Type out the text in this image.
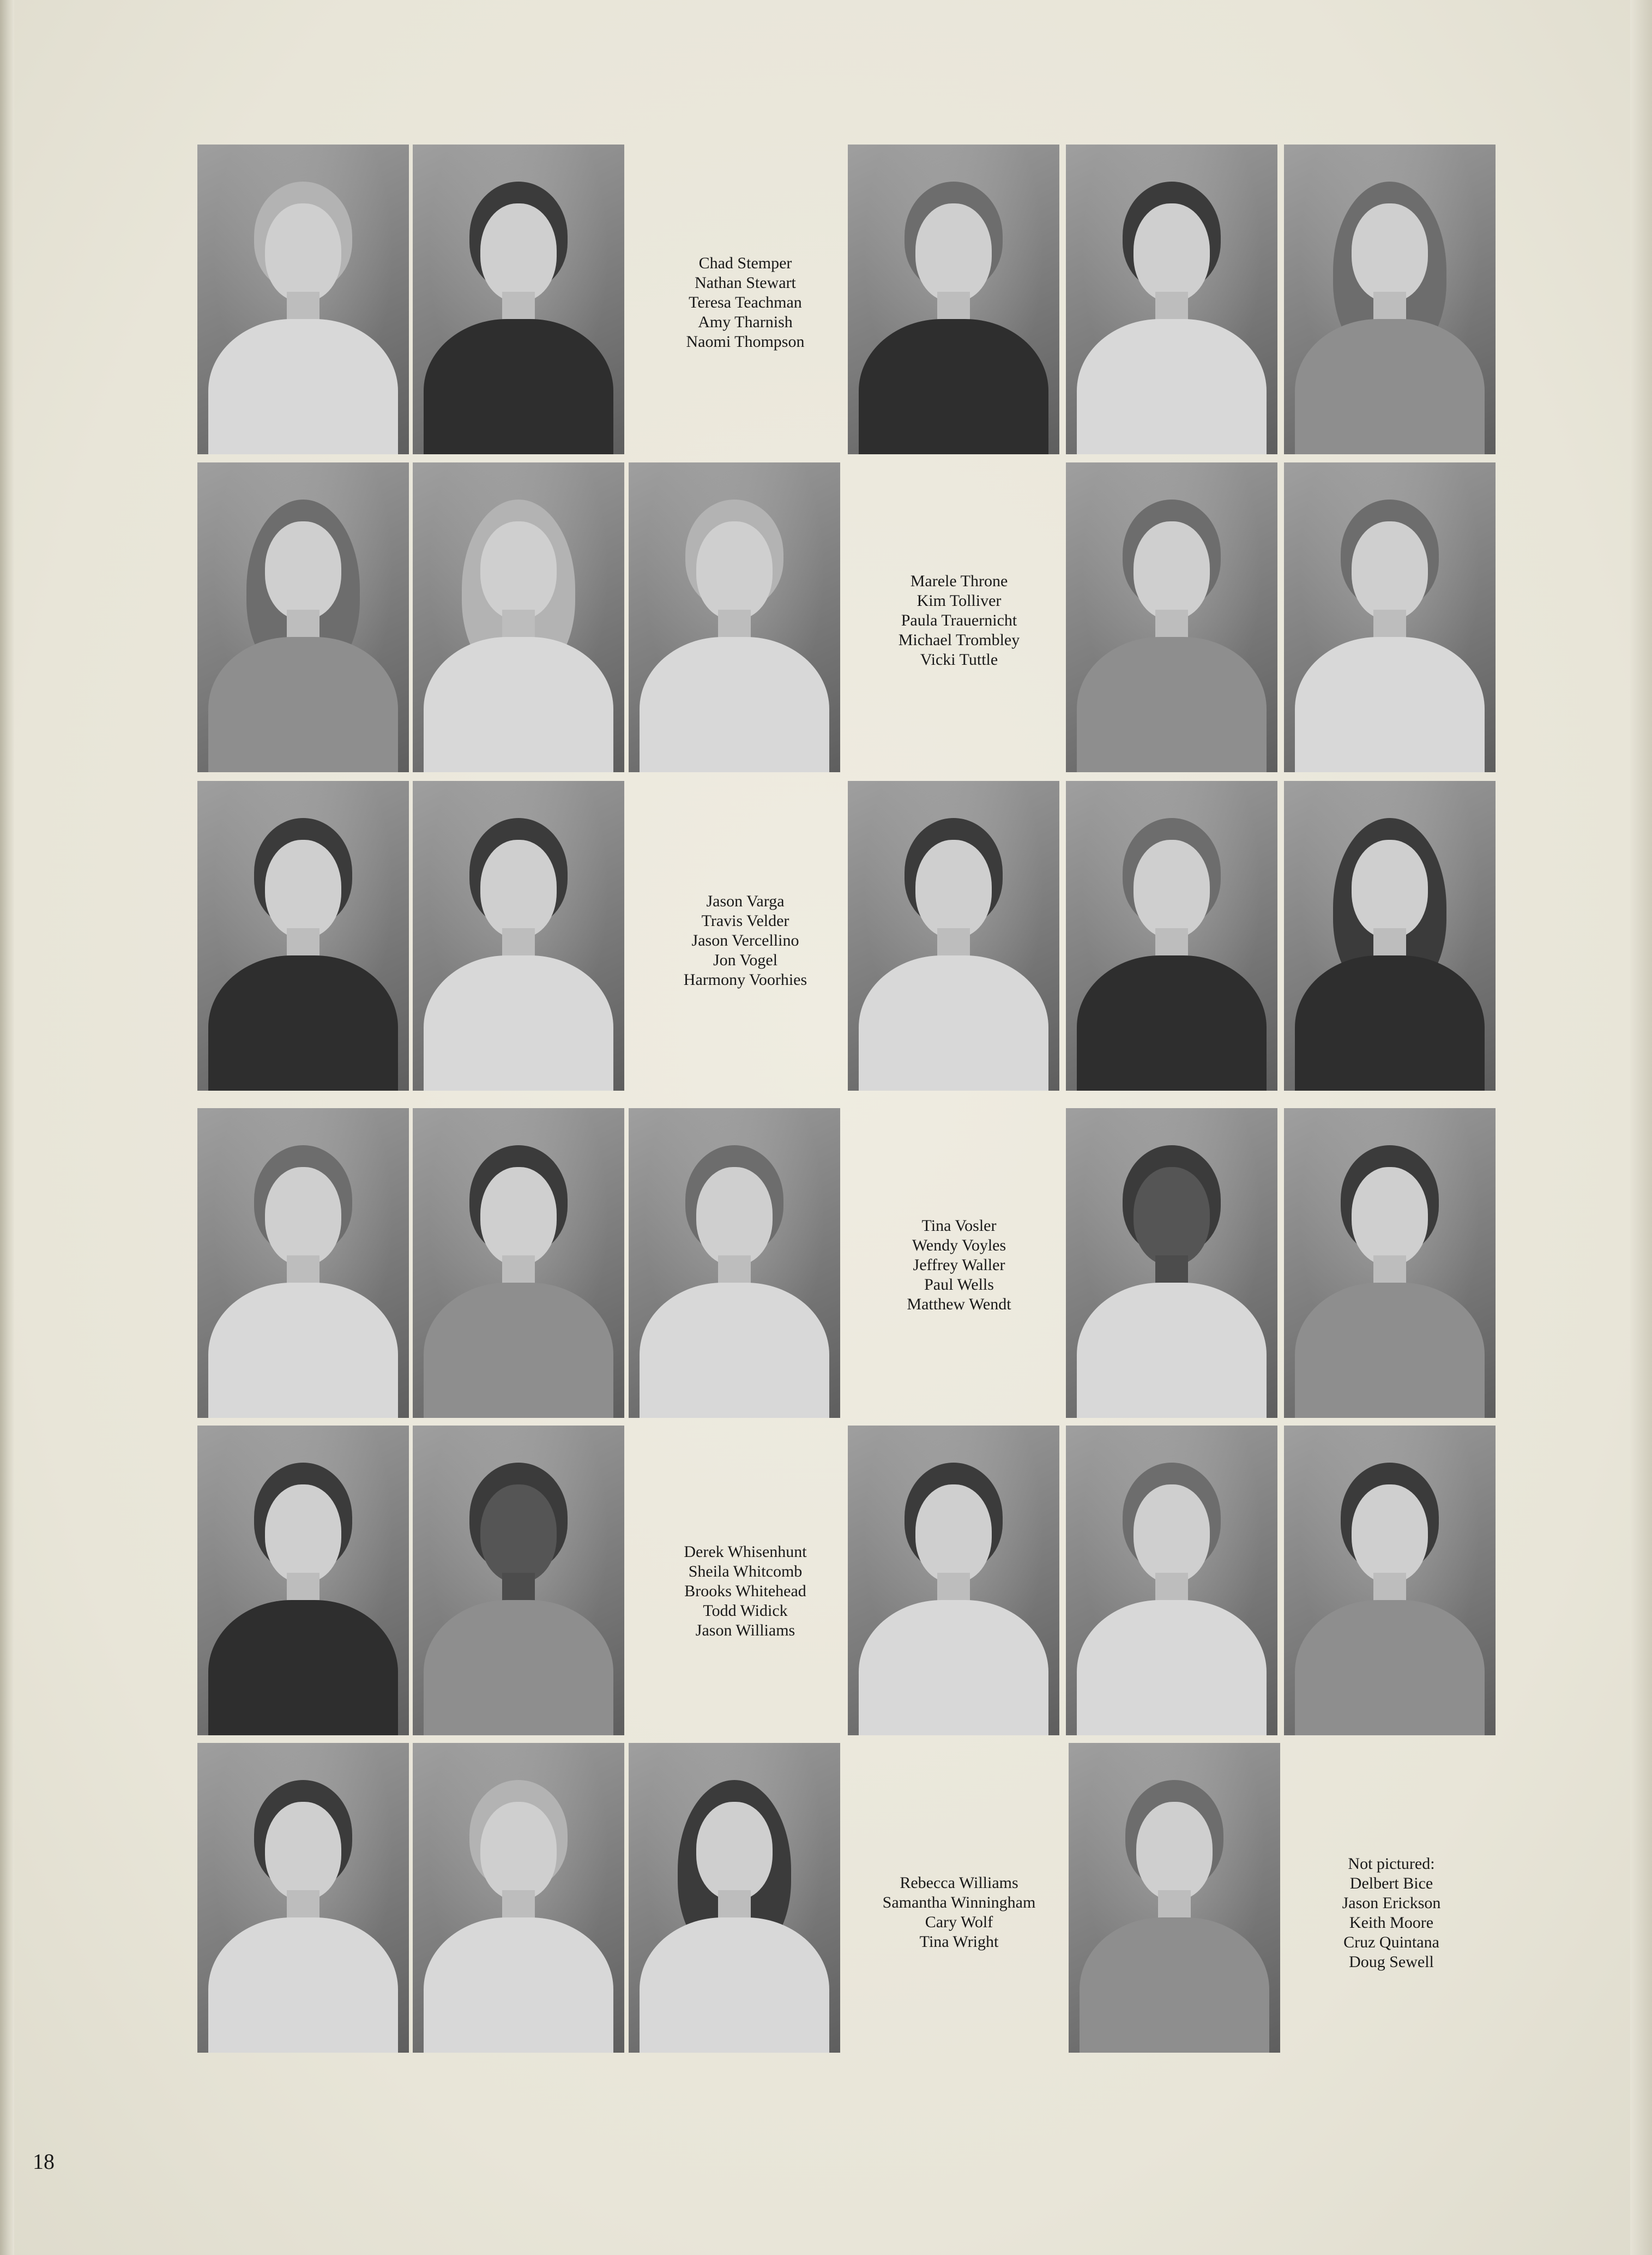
Chad Stemper
Nathan Stewart
Teresa Teachman
Amy Tharnish
Naomi Thompson
Marele Throne
Kim Tolliver
Paula Trauernicht
Michael Trombley
Vicki Tuttle
Jason Varga
Travis Velder
Jason Vercellino
Jon Vogel
Harmony Voorhies
Tina Vosler
Wendy Voyles
Jeffrey Waller
Paul Wells
Matthew Wendt
Derek Whisenhunt
Sheila Whitcomb
Brooks Whitehead
Todd Widick
Jason Williams
Rebecca Williams
Samantha Winningham
Cary Wolf
Tina Wright
Not pictured:
Delbert Bice
Jason Erickson
Keith Moore
Cruz Quintana
Doug Sewell
18
